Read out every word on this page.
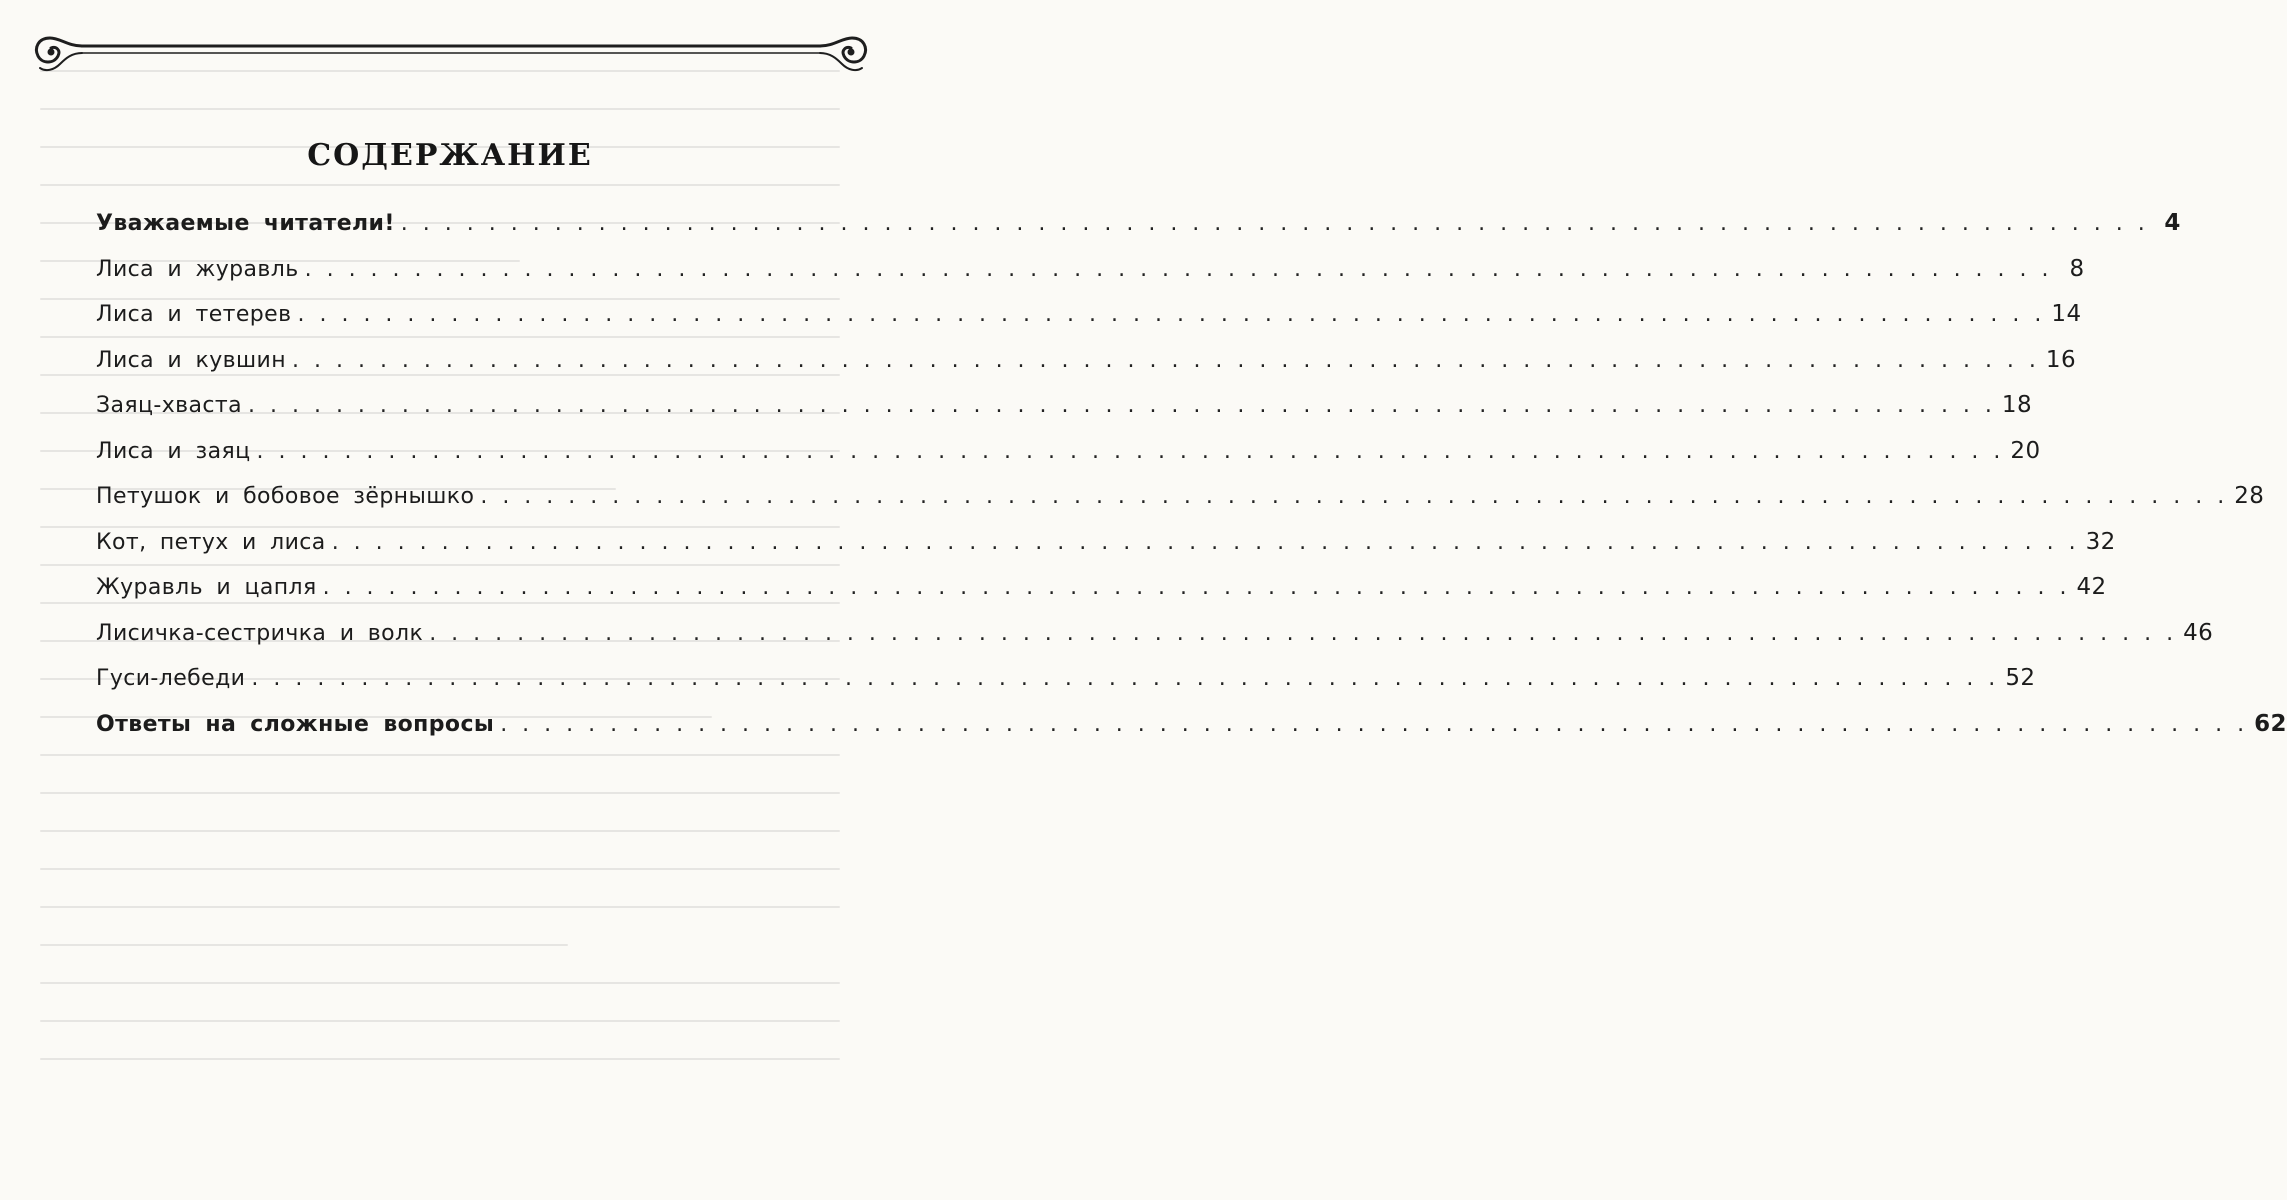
СОДЕРЖАНИЕ
Уважаемые читатели! . . . . . . . . . . . . . . . . . . . . . . . . . . . . . . . . . . . . . . . . . . . . . . . . . . . . . . . . . . . . . . . . . . . . . . . . . . . . . . . . 4
Лиса и журавль . . . . . . . . . . . . . . . . . . . . . . . . . . . . . . . . . . . . . . . . . . . . . . . . . . . . . . . . . . . . . . . . . . . . . . . . . . . . . . . . 8
Лиса и тетерев . . . . . . . . . . . . . . . . . . . . . . . . . . . . . . . . . . . . . . . . . . . . . . . . . . . . . . . . . . . . . . . . . . . . . . . . . . . . . . . . 14
Лиса и кувшин . . . . . . . . . . . . . . . . . . . . . . . . . . . . . . . . . . . . . . . . . . . . . . . . . . . . . . . . . . . . . . . . . . . . . . . . . . . . . . . . 16
Заяц-хваста . . . . . . . . . . . . . . . . . . . . . . . . . . . . . . . . . . . . . . . . . . . . . . . . . . . . . . . . . . . . . . . . . . . . . . . . . . . . . . . . 18
Лиса и заяц . . . . . . . . . . . . . . . . . . . . . . . . . . . . . . . . . . . . . . . . . . . . . . . . . . . . . . . . . . . . . . . . . . . . . . . . . . . . . . . . 20
Петушок и бобовое зёрнышко . . . . . . . . . . . . . . . . . . . . . . . . . . . . . . . . . . . . . . . . . . . . . . . . . . . . . . . . . . . . . . . . . . . . . . . . . . . . . . . . 28
Кот, петух и лиса . . . . . . . . . . . . . . . . . . . . . . . . . . . . . . . . . . . . . . . . . . . . . . . . . . . . . . . . . . . . . . . . . . . . . . . . . . . . . . . . 32
Журавль и цапля . . . . . . . . . . . . . . . . . . . . . . . . . . . . . . . . . . . . . . . . . . . . . . . . . . . . . . . . . . . . . . . . . . . . . . . . . . . . . . . . 42
Лисичка-сестричка и волк . . . . . . . . . . . . . . . . . . . . . . . . . . . . . . . . . . . . . . . . . . . . . . . . . . . . . . . . . . . . . . . . . . . . . . . . . . . . . . . . 46
Гуси-лебеди . . . . . . . . . . . . . . . . . . . . . . . . . . . . . . . . . . . . . . . . . . . . . . . . . . . . . . . . . . . . . . . . . . . . . . . . . . . . . . . . 52
Ответы на сложные вопросы . . . . . . . . . . . . . . . . . . . . . . . . . . . . . . . . . . . . . . . . . . . . . . . . . . . . . . . . . . . . . . . . . . . . . . . . . . . . . . . . 62
